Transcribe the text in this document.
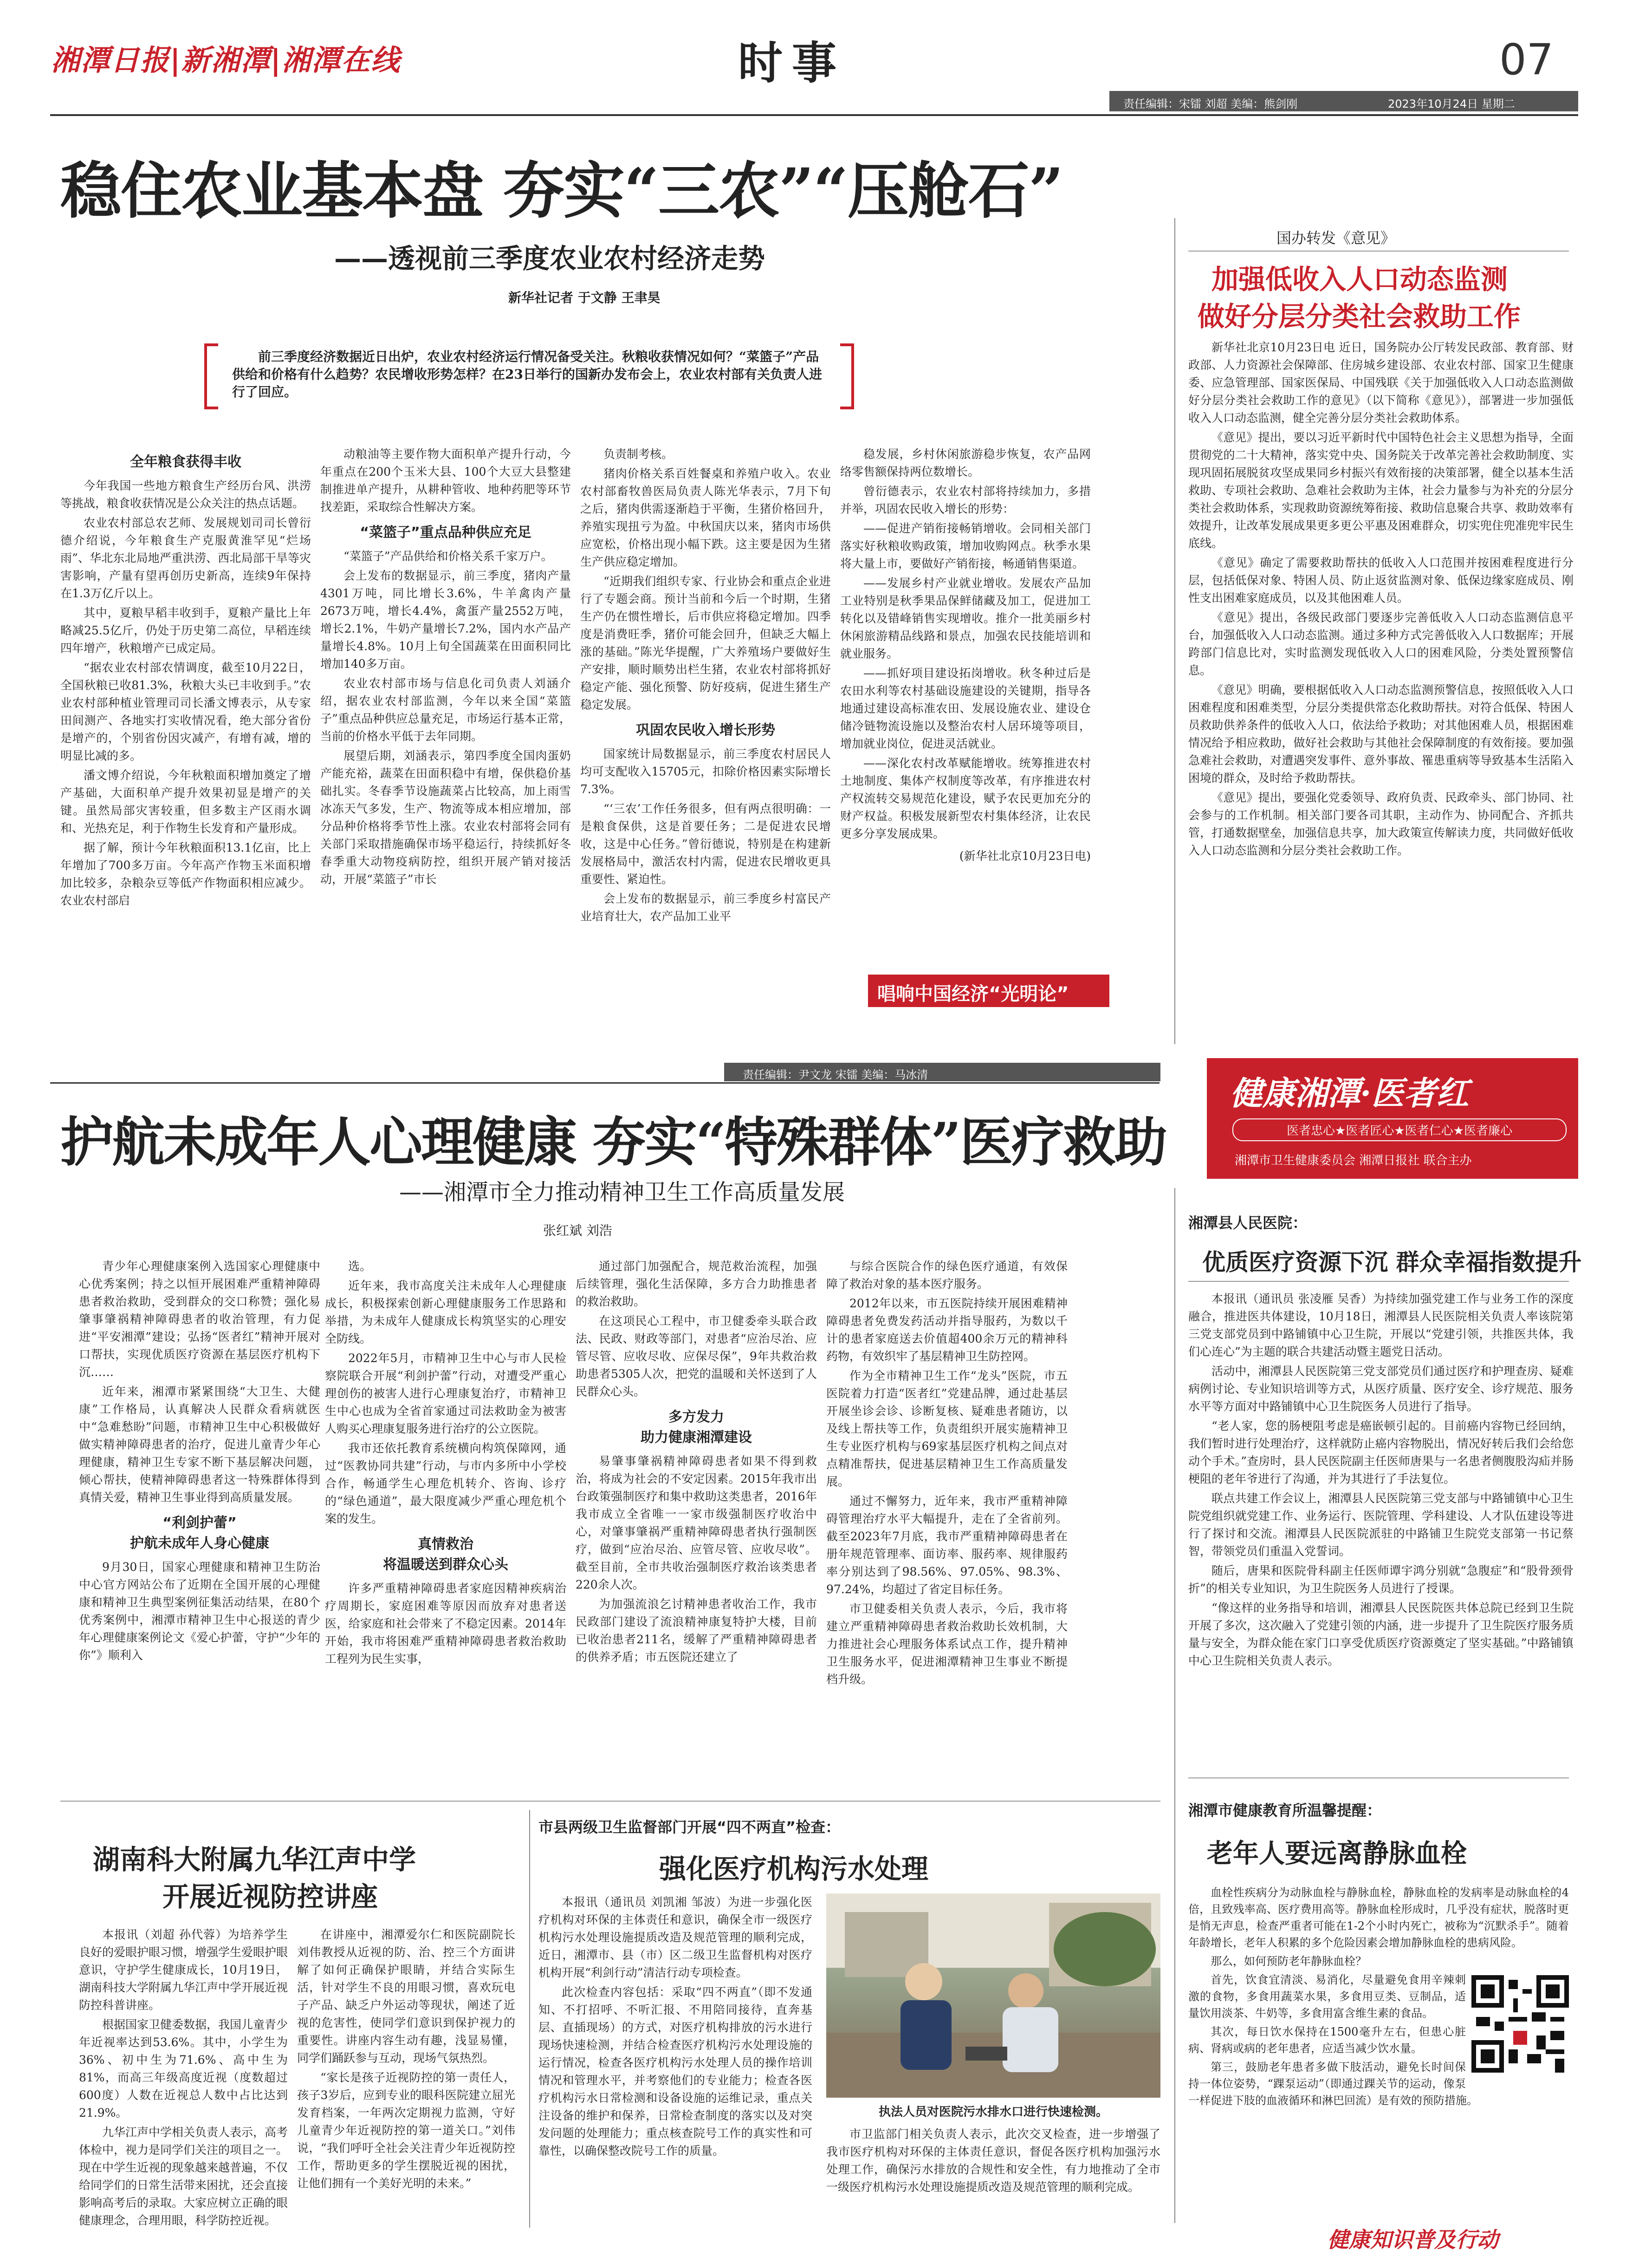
湘潭日报|新湘潭|湘潭在线	时事	07
责任编辑：宋镭 刘超 美编：熊剑刚	2023年10月24日 星期二
稳住农业基本盘 夯实“三农”“压舱石”
——透视前三季度农业农村经济走势
新华社记者 于文静 王聿昊
前三季度经济数据近日出炉，农业农村经济运行情况备受关注。秋粮收获情况如何？“菜篮子”产品供给和价格有什么趋势？农民增收形势怎样？在23日举行的国新办发布会上，农业农村部有关负责人进行了回应。
全年粮食获得丰收

今年我国一些地方粮食生产经历台风、洪涝等挑战，粮食收获情况是公众关注的热点话题。

农业农村部总农艺师、发展规划司司长曾衍德介绍说，今年粮食生产克服黄淮罕见“烂场雨”、华北东北局地严重洪涝、西北局部干旱等灾害影响，产量有望再创历史新高，连续9年保持在1.3万亿斤以上。

其中，夏粮早稻丰收到手，夏粮产量比上年略减25.5亿斤，仍处于历史第二高位，早稻连续四年增产，秋粮增产已成定局。

“据农业农村部农情调度，截至10月22日，全国秋粮已收81.3%，秋粮大头已丰收到手。”农业农村部种植业管理司司长潘文博表示，从专家田间测产、各地实打实收情况看，绝大部分省份是增产的，个别省份因灾减产，有增有减，增的明显比减的多。

潘文博介绍说，今年秋粮面积增加奠定了增产基础，大面积单产提升效果初显是增产的关键。虽然局部灾害较重，但多数主产区雨水调和、光热充足，利于作物生长发育和产量形成。

据了解，预计今年秋粮面积13.1亿亩，比上年增加了700多万亩。今年高产作物玉米面积增加比较多，杂粮杂豆等低产作物面积相应减少。农业农村部启

动粮油等主要作物大面积单产提升行动，今年重点在200个玉米大县、100个大豆大县整建制推进单产提升，从耕种管收、地种药肥等环节找差距，采取综合性解决方案。

“菜篮子”重点品种供应充足

“菜篮子”产品供给和价格关系千家万户。

会上发布的数据显示，前三季度，猪肉产量4301万吨，同比增长3.6%，牛羊禽肉产量2673万吨，增长4.4%，禽蛋产量2552万吨，增长2.1%，牛奶产量增长7.2%，国内水产品产量增长4.8%。10月上旬全国蔬菜在田面积同比增加140多万亩。

农业农村部市场与信息化司负责人刘涵介绍，据农业农村部监测，今年以来全国“菜篮子”重点品种供应总量充足，市场运行基本正常，当前的价格水平低于去年同期。

展望后期，刘涵表示，第四季度全国肉蛋奶产能充裕，蔬菜在田面积稳中有增，保供稳价基础扎实。冬春季节设施蔬菜占比较高，加上雨雪冰冻天气多发，生产、物流等成本相应增加，部分品种价格将季节性上涨。农业农村部将会同有关部门采取措施确保市场平稳运行，持续抓好冬春季重大动物疫病防控，组织开展产销对接活动，开展“菜篮子”市长

负责制考核。

猪肉价格关系百姓餐桌和养殖户收入。农业农村部畜牧兽医局负责人陈光华表示，7月下旬之后，猪肉供需逐渐趋于平衡，生猪价格回升，养殖实现扭亏为盈。中秋国庆以来，猪肉市场供应宽松，价格出现小幅下跌。这主要是因为生猪生产供应稳定增加。

“近期我们组织专家、行业协会和重点企业进行了专题会商。预计当前和今后一个时期，生猪生产仍在惯性增长，后市供应将稳定增加。四季度是消费旺季，猪价可能会回升，但缺乏大幅上涨的基础。”陈光华提醒，广大养殖场户要做好生产安排，顺时顺势出栏生猪，农业农村部将抓好稳定产能、强化预警、防好疫病，促进生猪生产稳定发展。

巩固农民收入增长形势

国家统计局数据显示，前三季度农村居民人均可支配收入15705元，扣除价格因素实际增长7.3%。

“‘三农’工作任务很多，但有两点很明确：一是粮食保供，这是首要任务；二是促进农民增收，这是中心任务。”曾衍德说，特别是在构建新发展格局中，激活农村内需，促进农民增收更具重要性、紧迫性。

会上发布的数据显示，前三季度乡村富民产业培育壮大，农产品加工业平

稳发展，乡村休闲旅游稳步恢复，农产品网络零售额保持两位数增长。

曾衍德表示，农业农村部将持续加力，多措并举，巩固农民收入增长的形势：

——促进产销衔接畅销增收。会同相关部门落实好秋粮收购政策，增加收购网点。秋季水果将大量上市，要做好产销衔接，畅通销售渠道。

——发展乡村产业就业增收。发展农产品加工业特别是秋季果品保鲜储藏及加工，促进加工转化以及错峰销售实现增收。推介一批美丽乡村休闲旅游精品线路和景点，加强农民技能培训和就业服务。

——抓好项目建设拓岗增收。秋冬种过后是农田水利等农村基础设施建设的关键期，指导各地通过建设高标准农田、发展设施农业、建设仓储冷链物流设施以及整治农村人居环境等项目，增加就业岗位，促进灵活就业。

——深化农村改革赋能增收。统筹推进农村土地制度、集体产权制度等改革，有序推进农村产权流转交易规范化建设，赋予农民更加充分的财产权益。积极发展新型农村集体经济，让农民更多分享发展成果。

(新华社北京10月23日电)

唱响中国经济“光明论”
国办转发《意见》
加强低收入人口动态监测
做好分层分类社会救助工作

新华社北京10月23日电 近日，国务院办公厅转发民政部、教育部、财政部、人力资源社会保障部、住房城乡建设部、农业农村部、国家卫生健康委、应急管理部、国家医保局、中国残联《关于加强低收入人口动态监测做好分层分类社会救助工作的意见》（以下简称《意见》），部署进一步加强低收入人口动态监测，健全完善分层分类社会救助体系。

《意见》提出，要以习近平新时代中国特色社会主义思想为指导，全面贯彻党的二十大精神，落实党中央、国务院关于改革完善社会救助制度、实现巩固拓展脱贫攻坚成果同乡村振兴有效衔接的决策部署，健全以基本生活救助、专项社会救助、急难社会救助为主体，社会力量参与为补充的分层分类社会救助体系，实现救助资源统筹衔接、救助信息聚合共享、救助效率有效提升，让改革发展成果更多更公平惠及困难群众，切实兜住兜准兜牢民生底线。

《意见》确定了需要救助帮扶的低收入人口范围并按困难程度进行分层，包括低保对象、特困人员、防止返贫监测对象、低保边缘家庭成员、刚性支出困难家庭成员，以及其他困难人员。

《意见》提出，各级民政部门要逐步完善低收入人口动态监测信息平台，加强低收入人口动态监测。通过多种方式完善低收入人口数据库；开展跨部门信息比对，实时监测发现低收入人口的困难风险，分类处置预警信息。

《意见》明确，要根据低收入人口动态监测预警信息，按照低收入人口困难程度和困难类型，分层分类提供常态化救助帮扶。对符合低保、特困人员救助供养条件的低收入人口，依法给予救助；对其他困难人员，根据困难情况给予相应救助，做好社会救助与其他社会保障制度的有效衔接。要加强急难社会救助，对遭遇突发事件、意外事故、罹患重病等导致基本生活陷入困境的群众，及时给予救助帮扶。

《意见》提出，要强化党委领导、政府负责、民政牵头、部门协同、社会参与的工作机制。相关部门要各司其职，主动作为、协同配合、齐抓共管，打通数据壁垒，加强信息共享，加大政策宣传解读力度，共同做好低收入人口动态监测和分层分类社会救助工作。

责任编辑：尹文龙 宋镭 美编：马冰清	健康湘潭·医者红
医者忠心★医者匠心★医者仁心★医者廉心
湘潭市卫生健康委员会 湘潭日报社 联合主办
护航未成年人心理健康 夯实“特殊群体”医疗救助
——湘潭市全力推动精神卫生工作高质量发展
张红斌 刘浩

青少年心理健康案例入选国家心理健康中心优秀案例；持之以恒开展困难严重精神障碍患者救治救助，受到群众的交口称赞；强化易肇事肇祸精神障碍患者的收治管理，有力促进“平安湘潭”建设；弘扬“医者红”精神开展对口帮扶，实现优质医疗资源在基层医疗机构下沉……

近年来，湘潭市紧紧围绕“大卫生、大健康”工作格局，认真解决人民群众看病就医中“急难愁盼”问题，市精神卫生中心积极做好做实精神障碍患者的治疗，促进儿童青少年心理健康，精神卫生专家不断下基层解决问题，倾心帮扶，使精神障碍患者这一特殊群体得到真情关爱，精神卫生事业得到高质量发展。

“利剑护蕾”
护航未成年人身心健康

9月30日，国家心理健康和精神卫生防治中心官方网站公布了近期在全国开展的心理健康和精神卫生典型案例征集活动结果，在80个优秀案例中，湘潭市精神卫生中心报送的青少年心理健康案例论文《爱心护蕾，守护“少年的你”》顺利入

选。

近年来，我市高度关注未成年人心理健康成长，积极探索创新心理健康服务工作思路和举措，为未成年人健康成长构筑坚实的心理安全防线。

2022年5月，市精神卫生中心与市人民检察院联合开展“利剑护蕾”行动，对遭受严重心理创伤的被害人进行心理康复治疗，市精神卫生中心也成为全省首家通过司法救助金为被害人购买心理康复服务进行治疗的公立医院。

我市还依托教育系统横向构筑保障网，通过“医教协同共建”行动，与市内多所中小学校合作，畅通学生心理危机转介、咨询、诊疗的“绿色通道”，最大限度减少严重心理危机个案的发生。

真情救治
将温暖送到群众心头

许多严重精神障碍患者家庭因精神疾病治疗周期长，家庭困难等原因而放弃对患者送医，给家庭和社会带来了不稳定因素。2014年开始，我市将困难严重精神障碍患者救治救助工程列为民生实事，

通过部门加强配合，规范救治流程，加强后续管理，强化生活保障，多方合力助推患者的救治救助。

在这项民心工程中，市卫健委牵头联合政法、民政、财政等部门，对患者“应治尽治、应管尽管、应收尽收、应保尽保”，9年共救治救助患者5305人次，把党的温暖和关怀送到了人民群众心头。

多方发力
助力健康湘潭建设

易肇事肇祸精神障碍患者如果不得到救治，将成为社会的不安定因素。2015年我市出台政策强制医疗和集中救助这类患者，2016年我市成立全省唯一一家市级强制医疗收治中心，对肇事肇祸严重精神障碍患者执行强制医疗，做到“应治尽治、应管尽管、应收尽收”。截至目前，全市共收治强制医疗救治该类患者220余人次。

为加强流浪乞讨精神患者收治工作，我市民政部门建设了流浪精神康复特护大楼，目前已收治患者211名，缓解了严重精神障碍患者的供养矛盾；市五医院还建立了

与综合医院合作的绿色医疗通道，有效保障了救治对象的基本医疗服务。

2012年以来，市五医院持续开展困难精神障碍患者免费发药活动并指导服药，为数以千计的患者家庭送去价值超400余万元的精神科药物，有效织牢了基层精神卫生防控网。

作为全市精神卫生工作“龙头”医院，市五医院着力打造“医者红”党建品牌，通过赴基层开展坐诊会诊、诊断复核、疑难患者随访，以及线上帮扶等工作，负责组织开展实施精神卫生专业医疗机构与69家基层医疗机构之间点对点精准帮扶，促进基层精神卫生工作高质量发展。

通过不懈努力，近年来，我市严重精神障碍管理治疗水平大幅提升，走在了全省前列。截至2023年7月底，我市严重精神障碍患者在册年规范管理率、面访率、服药率、规律服药率分别达到了98.56%、97.05%、98.3%、97.24%，均超过了省定目标任务。

市卫健委相关负责人表示，今后，我市将建立严重精神障碍患者救治救助长效机制，大力推进社会心理服务体系试点工作，提升精神卫生服务水平，促进湘潭精神卫生事业不断提档升级。

湘潭县人民医院：
优质医疗资源下沉 群众幸福指数提升

本报讯（通讯员 张凌雁 吴香）为持续加强党建工作与业务工作的深度融合，推进医共体建设，10月18日，湘潭县人民医院相关负责人率该院第三党支部党员到中路铺镇中心卫生院，开展以“党建引领，共推医共体，我们心连心”为主题的联合共建活动暨主题党日活动。

活动中，湘潭县人民医院第三党支部党员们通过医疗和护理查房、疑难病例讨论、专业知识培训等方式，从医疗质量、医疗安全、诊疗规范、服务水平等方面对中路铺镇中心卫生院医务人员进行了指导。

“老人家，您的肠梗阻考虑是癌嵌顿引起的。目前癌内容物已经回纳，我们暂时进行处理治疗，这样就防止癌内容物脱出，情况好转后我们会给您动个手术。”查房时，县人民医院副主任医师唐果与一名患者侧腹股沟疝并肠梗阻的老年爷进行了沟通，并为其进行了手法复位。

联点共建工作会议上，湘潭县人民医院第三党支部与中路铺镇中心卫生院党组织就党建工作、业务运行、医院管理、学科建设、人才队伍建设等进行了探讨和交流。湘潭县人民医院派驻的中路铺卫生院党支部第一书记蔡智，带领党员们重温入党誓词。

随后，唐果和医院骨科副主任医师谭宇鸿分别就“急腹症”和“股骨颈骨折”的相关专业知识，为卫生院医务人员进行了授课。

“像这样的业务指导和培训，湘潭县人民医院医共体总院已经到卫生院开展了多次，这次融入了党建引领的内涵，进一步提升了卫生院医疗服务质量与安全，为群众能在家门口享受优质医疗资源奠定了坚实基础。”中路铺镇中心卫生院相关负责人表示。

湖南科大附属九华江声中学
开展近视防控讲座

本报讯（刘超 孙代蓉）为培养学生良好的爱眼护眼习惯，增强学生爱眼护眼意识，守护学生健康成长，10月19日，湖南科技大学附属九华江声中学开展近视防控科普讲座。

根据国家卫健委数据，我国儿童青少年近视率达到53.6%。其中，小学生为36%、初中生为71.6%、高中生为81%，而高三年级高度近视（度数超过600度）人数在近视总人数中占比达到21.9%。

九华江声中学相关负责人表示，高考体检中，视力是同学们关注的项目之一。现在中学生近视的现象越来越普遍，不仅给同学们的日常生活带来困扰，还会直接影响高考后的录取。大家应树立正确的眼健康理念，合理用眼，科学防控近视。

在讲座中，湘潭爱尔仁和医院副院长刘伟教授从近视的防、治、控三个方面讲解了如何正确保护眼睛，并结合实际生活，针对学生不良的用眼习惯，喜欢玩电子产品、缺乏户外运动等现状，阐述了近视的危害性，使同学们意识到保护视力的重要性。讲座内容生动有趣，浅显易懂，同学们踊跃参与互动，现场气氛热烈。

“家长是孩子近视防控的第一责任人，孩子3岁后，应到专业的眼科医院建立屈光发育档案，一年两次定期视力监测，守好儿童青少年近视防控的第一道关口。”刘伟说，“我们呼吁全社会关注青少年近视防控工作，帮助更多的学生摆脱近视的困扰，让他们拥有一个美好光明的未来。”

市县两级卫生监督部门开展“四不两直”检查：
强化医疗机构污水处理

本报讯（通讯员 刘凯湘 邹波）为进一步强化医疗机构对环保的主体责任和意识，确保全市一级医疗机构污水处理设施提质改造及规范管理的顺利完成，近日，湘潭市、县（市）区二级卫生监督机构对医疗机构开展“利剑行动”清洁行动专项检查。

此次检查内容包括：采取“四不两直”（即不发通知、不打招呼、不听汇报、不用陪同接待，直奔基层、直插现场）的方式，对医疗机构排放的污水进行现场快速检测，并结合检查医疗机构污水处理设施的运行情况，检查各医疗机构污水处理人员的操作培训情况和管理水平，并考察他们的专业能力；检查各医疗机构污水日常检测和设备设施的运维记录，重点关注设备的维护和保养，日常检查制度的落实以及对突发问题的处理能力；重点核查院号工作的真实性和可靠性，以确保整改院号工作的质量。

执法人员对医院污水排水口进行快速检测。

市卫监部门相关负责人表示，此次交叉检查，进一步增强了我市医疗机构对环保的主体责任意识，督促各医疗机构加强污水处理工作，确保污水排放的合规性和安全性，有力地推动了全市一级医疗机构污水处理设施提质改造及规范管理的顺利完成。

湘潭市健康教育所温馨提醒：
老年人要远离静脉血栓

血栓性疾病分为动脉血栓与静脉血栓，静脉血栓的发病率是动脉血栓的4倍，且致残率高、医疗费用高等。静脉血栓形成时，几乎没有症状，脱落时更是悄无声息，检查严重者可能在1-2个小时内死亡，被称为“沉默杀手”。随着年龄增长，老年人积累的多个危险因素会增加静脉血栓的患病风险。

那么，如何预防老年静脉血栓？

首先，饮食宜清淡、易消化，尽量避免食用辛辣刺激的食物，多食用蔬菜水果，多食用豆类、豆制品，适量饮用淡茶、牛奶等，多食用富含维生素的食品。

其次，每日饮水保持在1500毫升左右，但患心脏病、肾病或病的老年患者，应适当减少饮水量。

第三，鼓励老年患者多做下肢活动，避免长时间保持一体位姿势，“踝泵运动”（即通过踝关节的运动，像泵一样促进下肢的血液循环和淋巴回流）是有效的预防措施。

健康知识普及行动
